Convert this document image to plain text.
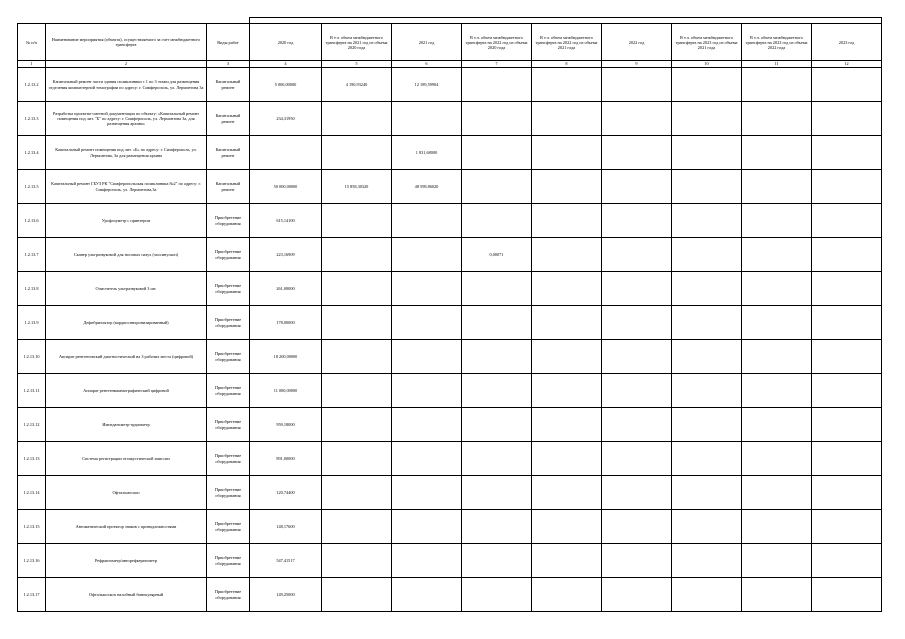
№ п/п	Наименование мероприятия (объекта), осуществляемого за счет межбюджетного трансферта	Виды работ	2020 год	В т.ч. объем межбюджетного трансферта на 2021 год из объема 2020 года	2021 год	В т.ч. объем межбюджетного трансферта на 2022 год из объема 2020 года	В т.ч. объем межбюджетного трансферта на 2022 год из объема 2021 года	2022 год	В т.ч. объем межбюджетного трансферта на 2023 год из объема 2021 года	В т.ч. объем межбюджетного трансферта на 2023 год из объема 2022 года	2023 год
1	2	3	4	5	6	7	8	9	10	11	12
1.2.13.2	Капитальный ремонт части здания поликлиники с 1 по 3 этажи для размещения отделения компьютерной томографии по адресу: г. Симферополь, ул. Лермонтова 3а	Капитальный ремонт	5 000,00000	4 190,93240	12 189,59904						
1.2.13.3	Разработка проектно-сметной документации по объекту: «Капитальный ремонт помещения под лит. "Б" по адресу: г. Симферополь, ул. Лермонтова 3а, для размещения архива»	Капитальный ремонт	234,31950								
1.2.13.4	Капитальный ремонт помещения под лит. «Б» по адресу: г. Симферополь, ул. Лермонтова, 3а для размещения архива	Капитальный ремонт			1 831,68000						
1.2.13.5	Капитальный ремонт ГБУЗ РК "Симферопольская поликлиника №2" по адресу: г. Симферополь, ул. Лермонтова,3а	Капитальный ремонт	50 000,00000	15 858,30320	48 598,86020						
1.2.13.6	Урофлоуметр с принтером	Приобретение оборудования	615,14100								
1.2.13.7	Сканер ультразвуковой для носовых пазух (эхосинускоп)	Приобретение оборудования	223,16909			0,00071					
1.2.13.8	Очиститель ультразвуковой 3 шт.	Приобретение оборудования	261,00000								
1.2.13.9	Дефибриллятор (кардиосинхронизированный)	Приобретение оборудования	178,00000								
1.2.13.10	Аппарат рентгеновский диагностический на 3 рабочих места (цифровой)	Приобретение оборудования	18 200,00000								
1.2.13.11	Аппарат рентгенмаммографический цифровой	Приобретение оборудования	11 000,00000								
1.2.13.12	Импедансметр-аудиометр	Приобретение оборудования	959,18000								
1.2.13.13	Система регистрации отоакустической эмиссии	Приобретение оборудования	891,00000								
1.2.13.14	Офтальмоскоп	Приобретение оборудования	120,74400								
1.2.13.15	Автоматический проектор знаков с принадлежностями	Приобретение оборудования	148,17600								
1.2.13.16	Рефрактометр/авторефкератометр	Приобретение оборудования	547,41517								
1.2.13.17	Офтальмоскоп налобный бинокулярный	Приобретение оборудования	149,25000								
